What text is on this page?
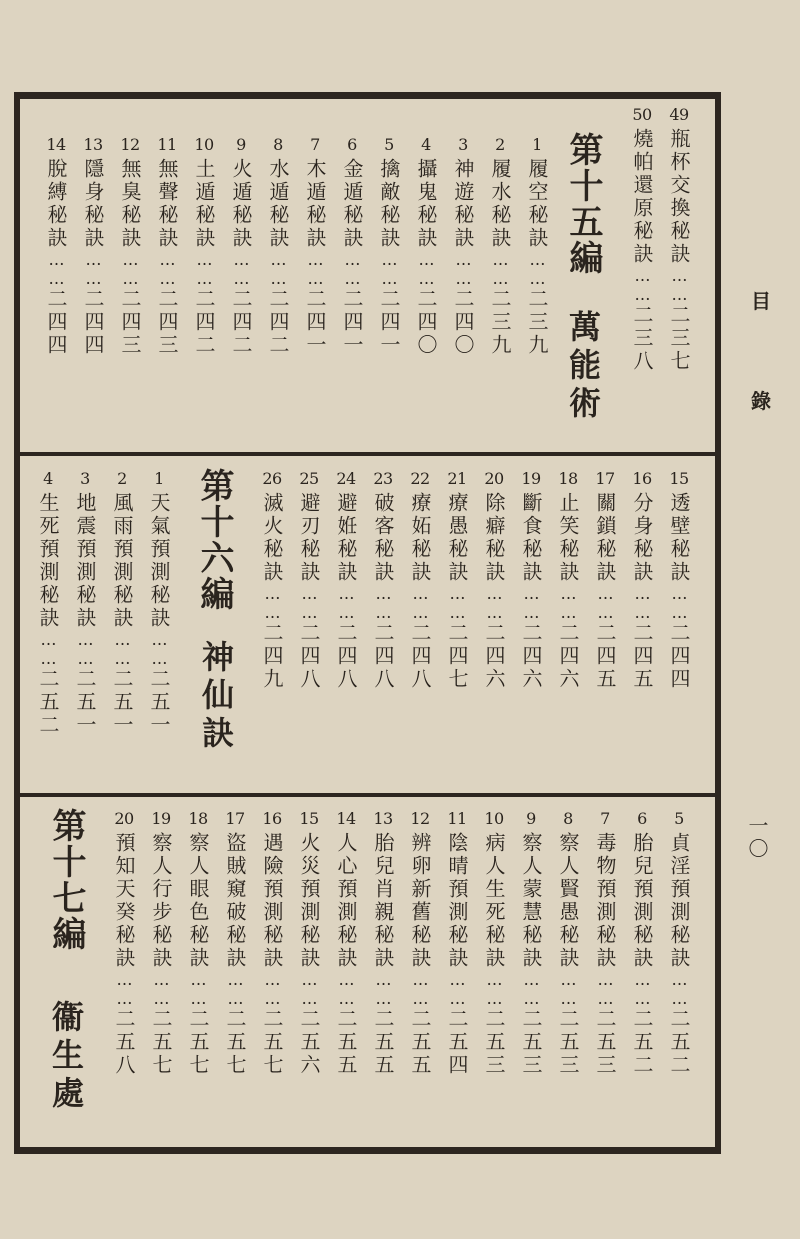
目
錄
一〇
49
瓶杯交換秘訣
……
二三七
50
燒帕還原秘訣
……
二三八
1
履空秘訣
……
二三九
2
履水秘訣
……
二三九
3
神遊秘訣
……
二四〇
4
攝鬼秘訣
……
二四〇
5
擒敵秘訣
……
二四一
6
金遁秘訣
……
二四一
7
木遁秘訣
……
二四一
8
水遁秘訣
……
二四二
9
火遁秘訣
……
二四二
10
土遁秘訣
……
二四二
11
無聲秘訣
……
二四三
12
無臭秘訣
……
二四三
13
隱身秘訣
……
二四四
14
脫縛秘訣
……
二四四
第十五編
萬能術
15
透壁秘訣
……
二四四
16
分身秘訣
……
二四五
17
關鎖秘訣
……
二四五
18
止笑秘訣
……
二四六
19
斷食秘訣
……
二四六
20
除癖秘訣
……
二四六
21
療愚秘訣
……
二四七
22
療妬秘訣
……
二四八
23
破客秘訣
……
二四八
24
避姙秘訣
……
二四八
25
避刃秘訣
……
二四八
26
滅火秘訣
……
二四九
1
天氣預測秘訣
……
二五一
2
風雨預測秘訣
……
二五一
3
地震預測秘訣
……
二五一
4
生死預測秘訣
……
二五二
第十六編
神仙訣
5
貞淫預測秘訣
……
二五二
6
胎兒預測秘訣
……
二五二
7
毒物預測秘訣
……
二五三
8
察人賢愚秘訣
……
二五三
9
察人蒙慧秘訣
……
二五三
10
病人生死秘訣
……
二五三
11
陰晴預測秘訣
……
二五四
12
辨卵新舊秘訣
……
二五五
13
胎兒肖親秘訣
……
二五五
14
人心預測秘訣
……
二五五
15
火災預測秘訣
……
二五六
16
遇險預測秘訣
……
二五七
17
盜賊窺破秘訣
……
二五七
18
察人眼色秘訣
……
二五七
19
察人行步秘訣
……
二五七
20
預知天癸秘訣
……
二五八
第十七編
衞生處
